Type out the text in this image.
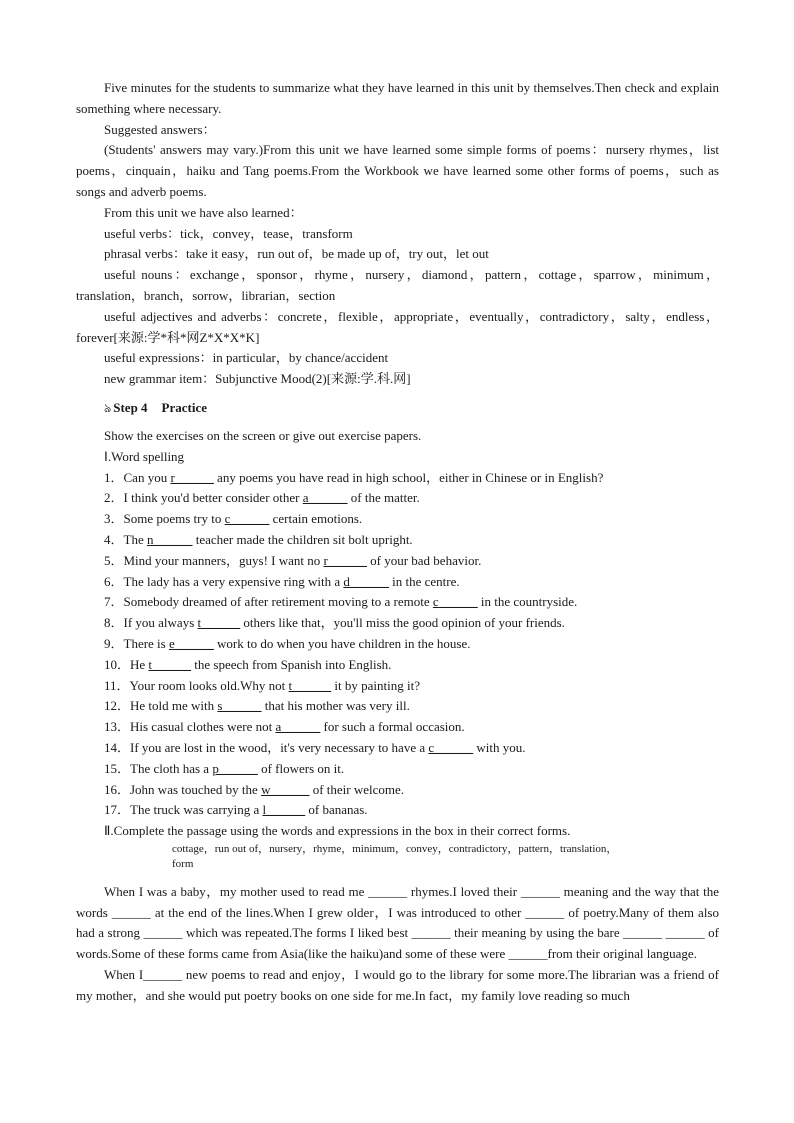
Five minutes for the students to summarize what they have learned in this unit by themselves.Then check and explain something where necessary.

Suggested answers：

(Students' answers may vary.)From this unit we have learned some simple forms of poems：nursery rhymes，list poems，cinquain，haiku and Tang poems.From the Workbook we have learned some other forms of poems，such as songs and adverb poems.

From this unit we have also learned：

useful verbs：tick，convey，tease，transform

phrasal verbs：take it easy，run out of，be made up of，try out，let out

useful nouns：exchange，sponsor，rhyme，nursery，diamond，pattern，cottage，sparrow，minimum，translation，branch，sorrow，librarian，section

useful adjectives and adverbs：concrete，flexible，appropriate，eventually，contradictory，salty，endless，forever[来源:学*科*网Z*X*X*K]

useful expressions：in particular，by chance/accident

new grammar item：Subjunctive Mood(2)[来源:学.科.网]

ঌ Step 4 Practice

Show the exercises on the screen or give out exercise papers.

Ⅰ.Word spelling

1．Can you r______ any poems you have read in high school，either in Chinese or in English?

2．I think you'd better consider other a______ of the matter.

3．Some poems try to c______ certain emotions.

4．The n______ teacher made the children sit bolt upright.

5．Mind your manners，guys! I want no r______ of your bad behavior.

6．The lady has a very expensive ring with a d______ in the centre.

7．Somebody dreamed of after retirement moving to a remote c______ in the countryside.

8．If you always t______ others like that，you'll miss the good opinion of your friends.

9．There is e______ work to do when you have children in the house.

10．He t______ the speech from Spanish into English.

11．Your room looks old.Why not t______ it by painting it?

12．He told me with s______ that his mother was very ill.

13．His casual clothes were not a______ for such a formal occasion.

14．If you are lost in the wood，it's very necessary to have a c______ with you.

15．The cloth has a p______ of flowers on it.

16．John was touched by the w______ of their welcome.

17．The truck was carrying a l______ of bananas.

Ⅱ.Complete the passage using the words and expressions in the box in their correct forms.

cottage，run out of，nursery，rhyme，minimum，convey，contradictory，pattern，translation，form

When I was a baby，my mother used to read me ______ rhymes.I loved their ______ meaning and the way that the words ______ at the end of the lines.When I grew older，I was introduced to other ______ of poetry.Many of them also had a strong ______ which was repeated.The forms I liked best ______ their meaning by using the bare ______ ______ of words.Some of these forms came from Asia(like the haiku)and some of these were ______from their original language.

When I______ new poems to read and enjoy，I would go to the library for some more.The librarian was a friend of my mother，and she would put poetry books on one side for me.In fact，my family love reading so much
